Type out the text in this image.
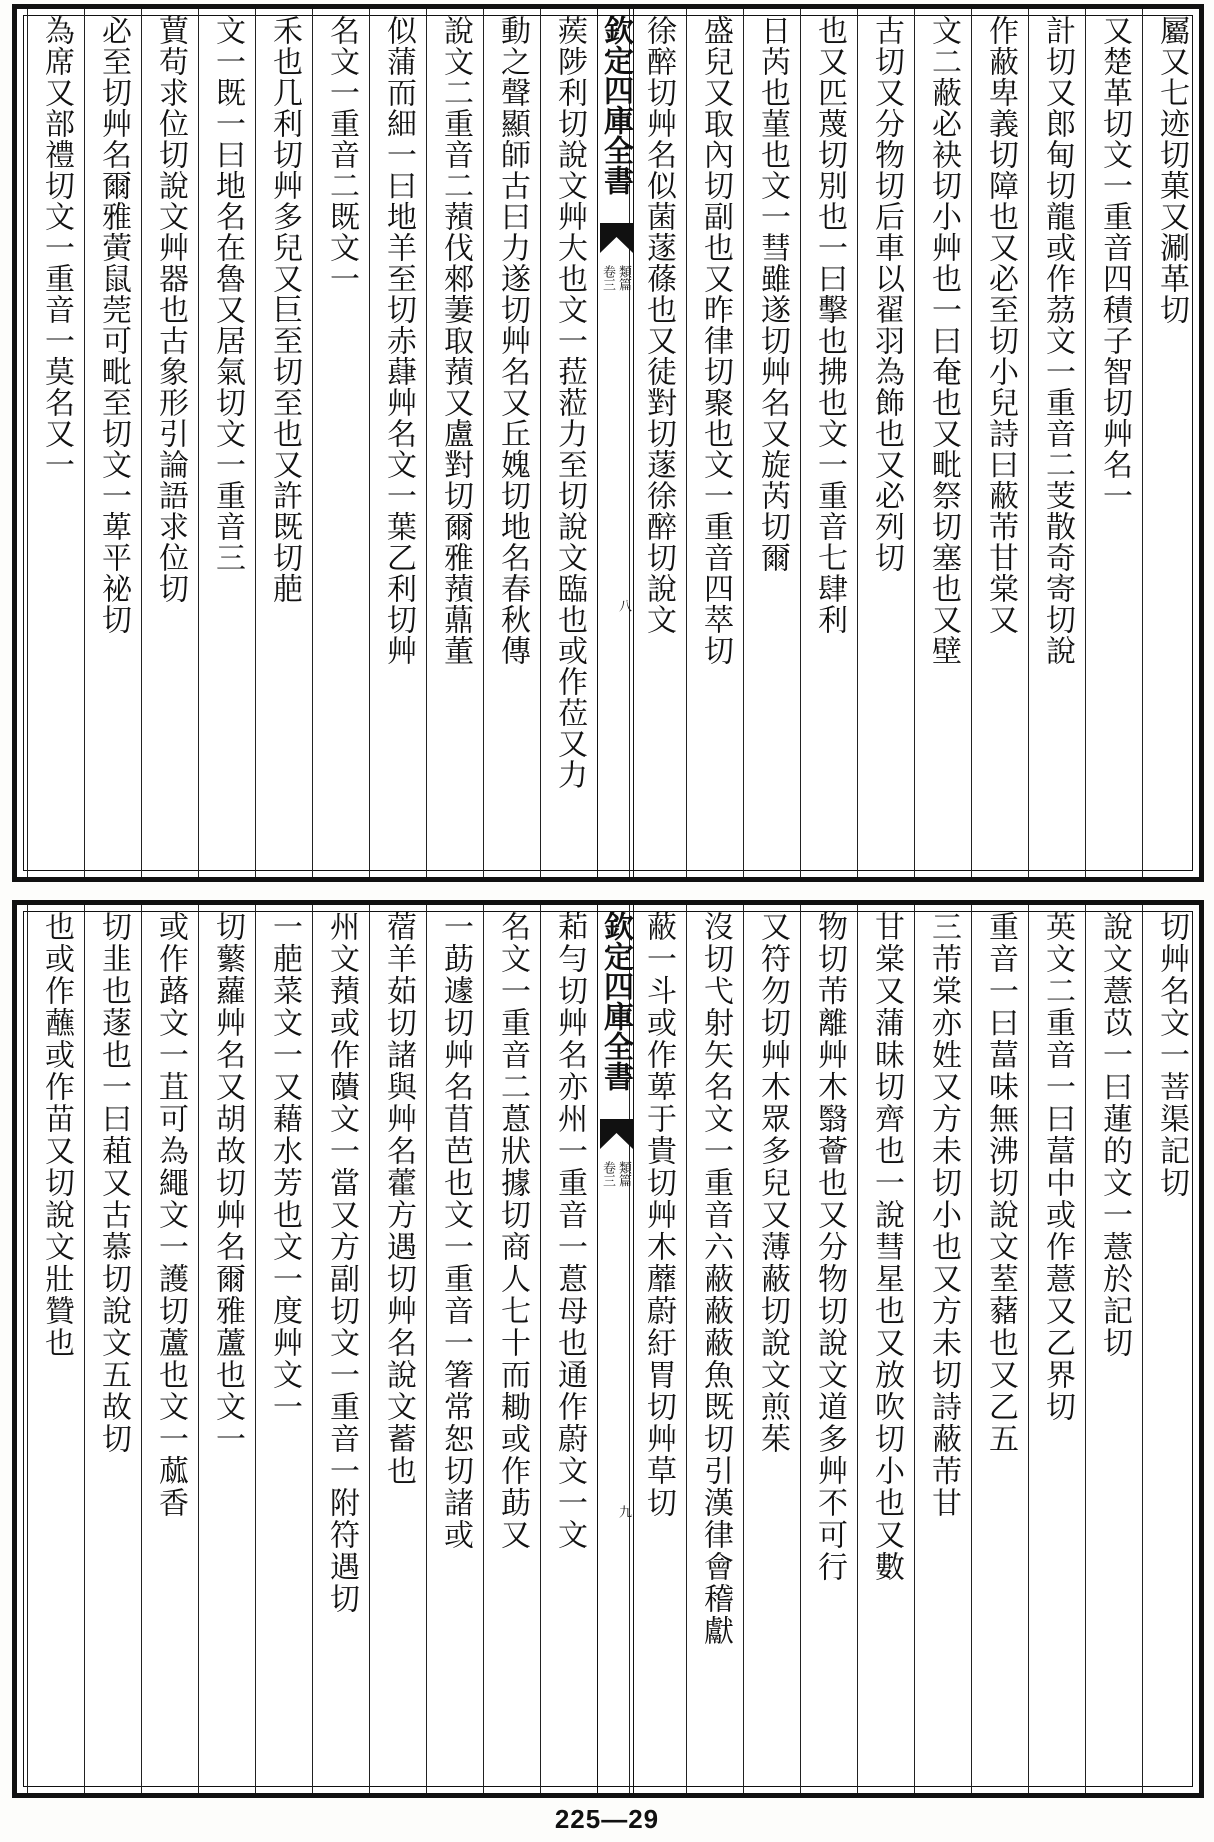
屬又七迹切菓又涮革切
又楚革切文一重音四積子智切艸名一
計切又郎甸切龍或作茘文一重音二芰散奇寄切說
作蔽卑義切障也又必至切小兒詩曰蔽芾甘棠又
文二蔽必袂切小艸也一曰奄也又毗祭切塞也又壁
古切又分物切后車以翟羽為飾也又必列切
也又匹蔑切別也一曰擊也拂也文一重音七肆利
日芮也菫也文一彗雖遂切艸名又旋芮切爾
盛兒又取內切副也又昨律切聚也文一重音四萃切
徐醉切艸名似菌蓫蓧也又徒對切蓫徐醉切說文
欽定四庫全書
類篇
卷三
八
蒺陟利切說文艸大也文一菈蒞力至切說文臨也或作莅又力
動之聲顯師古曰力遂切艸名又丘媿切地名春秋傳
說文二重音二蕷伐郲萋取蕷又盧對切爾雅蕷薡董
似蒲而細一曰地羊至切赤蕼艸名文一葉乙利切艸
名文一重音二既文一
禾也几利切艸多兒又巨至切至也又許既切萉
文一既一曰地名在魯又居氣切文一重音三
蕒苟求位切說文艸器也古象形引論語求位切
必至切艸名爾雅蔩鼠莞可毗至切文一萆平祕切
為席又部禮切文一重音一莫名又一
切艸名文一菩渠記切
說文薏苡一曰蓮的文一薏於記切
英文二重音一曰葍中或作薏又乙界切
重音一曰葍味無沸切說文荎藸也又乙五
三芾棠亦姓又方未切小也又方未切詩蔽芾甘
甘棠又蒲昧切齊也一說彗星也又放吹切小也又數
物切芾離艸木翳薈也又分物切說文道多艸不可行
又符勿切艸木眾多兒又薄蔽切說文煎茱
沒切弋射矢名文一重音六蔽蔽蔽魚既切引漢律會稽獻
蔽一斗或作萆于貴切艸木蘼蔚紆胃切艸草切
欽定四庫全書
類篇
卷三
九
萂勻切艸名亦州一重音一蒠母也通作蔚文一文
名文一重音二蒠狀據切商人七十而耡或作莇又
一莇遽切艸名苜芭也文一重音一箸常恕切諸或
蓿羊茹切諸與艸名藿方遇切艸名說文蓄也
州文蕷或作藬文一當又方副切文一重音一附符遇切
一萉菜文一又藉水芳也文一度艸文一
切蘩蘿艸名又胡故切艸名爾雅蘆也文一
或作蕗文一苴可為繩文一護切蘆也文一蓏香
切韭也蓫也一曰蒩又古慕切說文五故切
也或作蘸或作苗又切說文壯贊也
225—29
